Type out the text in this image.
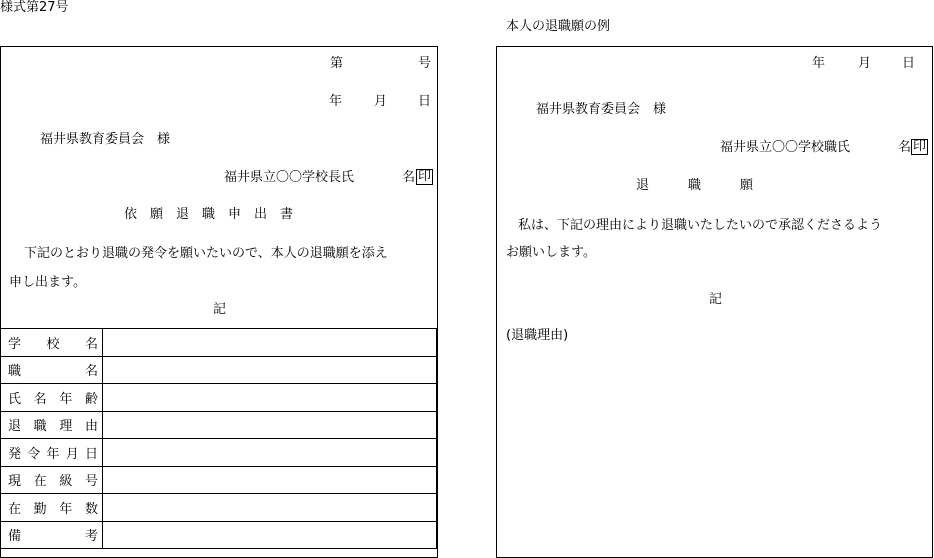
様式第27号
本人の退職願の例
第	号
年 月 日
福井県教育委員会　様
福井県立〇〇学校長氏	名 印
依　願　退　職　申　出　書
下記のとおり退職の発令を願いたいので、本人の退職願を添え
申し出ます。
記
学 校 名	

職 名	

氏 名 年 齢	

退 職 理 由	

発 令 年 月 日	

現 在 級 号	

在 勤 年 数	

備 考	

年	月 日
福井県教育委員会　様
福井県立〇〇学校職氏	名 印
退　　　職　　　願
私は、下記の理由により退職いたしたいので承認くださるよう
お願いします。
記
(退職理由)
